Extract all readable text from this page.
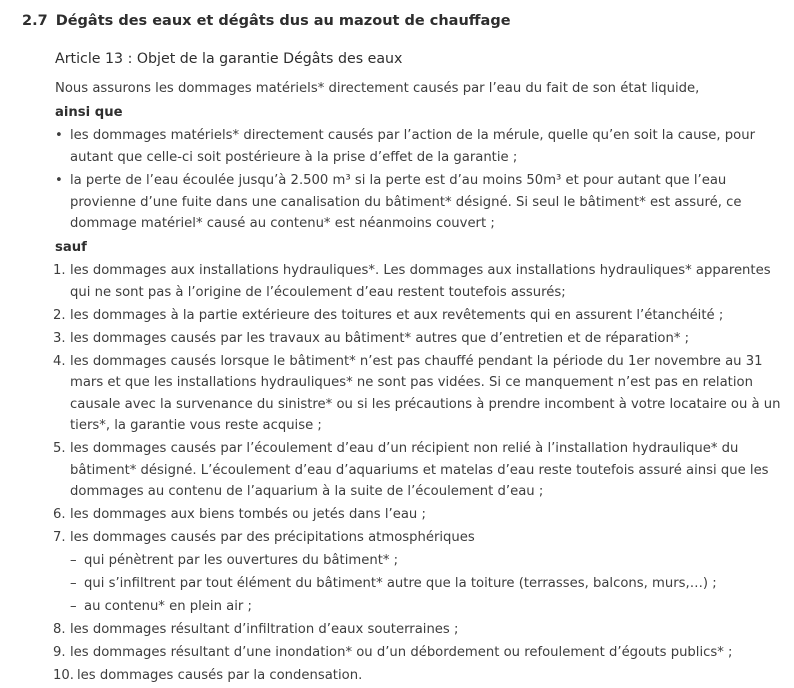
2.7 Dégâts des eaux et dégâts dus au mazout de chauffage
Article 13 : Objet de la garantie Dégâts des eaux

Nous assurons les dommages matériels* directement causés par l’eau du fait de son état liquide,

ainsi que

• les dommages matériels* directement causés par l’action de la mérule, quelle qu’en soit la cause, pour autant que celle-ci soit postérieure à la prise d’effet de la garantie ;
• la perte de l’eau écoulée jusqu’à 2.500 m³ si la perte est d’au moins 50m³ et pour autant que l’eau provienne d’une fuite dans une canalisation du bâtiment* désigné. Si seul le bâtiment* est assuré, ce dommage matériel* causé au contenu* est néanmoins couvert ;

sauf

1. les dommages aux installations hydrauliques*. Les dommages aux installations hydrauliques* apparentes qui ne sont pas à l’origine de l’écoulement d’eau restent toutefois assurés;
2. les dommages à la partie extérieure des toitures et aux revêtements qui en assurent l’étanchéité ;
3. les dommages causés par les travaux au bâtiment* autres que d’entretien et de réparation* ;
4. les dommages causés lorsque le bâtiment* n’est pas chauffé pendant la période du 1er novembre au 31 mars et que les installations hydrauliques* ne sont pas vidées. Si ce manquement n’est pas en relation causale avec la survenance du sinistre* ou si les précautions à prendre incombent à votre locataire ou à un tiers*, la garantie vous reste acquise ;
5. les dommages causés par l’écoulement d’eau d’un récipient non relié à l’installation hydraulique* du bâtiment* désigné. L’écoulement d’eau d’aquariums et matelas d’eau reste toutefois assuré ainsi que les dommages au contenu de l’aquarium à la suite de l’écoulement d’eau ;
6. les dommages aux biens tombés ou jetés dans l’eau ;
7. les dommages causés par des précipitations atmosphériques
– qui pénètrent par les ouvertures du bâtiment* ;
– qui s’infiltrent par tout élément du bâtiment* autre que la toiture (terrasses, balcons, murs,…) ;
– au contenu* en plein air ;
8. les dommages résultant d’infiltration d’eaux souterraines ;
9. les dommages résultant d’une inondation* ou d’un débordement ou refoulement d’égouts publics* ;
10. les dommages causés par la condensation.
